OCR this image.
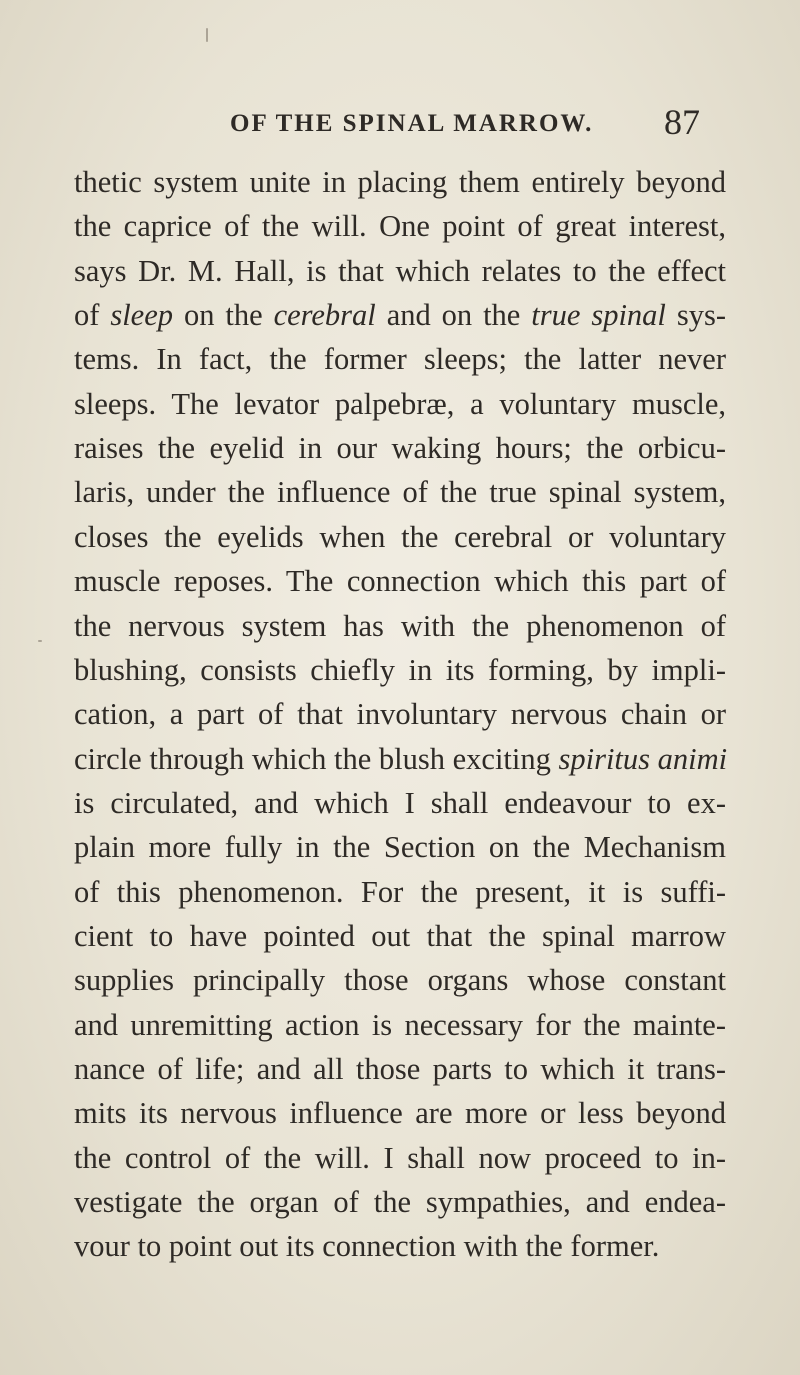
OF THE SPINAL MARROW. 87
thetic system unite in placing them entirely beyond
the caprice of the will. One point of great interest,
says Dr. M. Hall, is that which relates to the effect
of sleep on the cerebral and on the true spinal sys-
tems. In fact, the former sleeps; the latter never
sleeps. The levator palpebræ, a voluntary muscle,
raises the eyelid in our waking hours; the orbicu-
laris, under the influence of the true spinal system,
closes the eyelids when the cerebral or voluntary
muscle reposes. The connection which this part of
the nervous system has with the phenomenon of
blushing, consists chiefly in its forming, by impli-
cation, a part of that involuntary nervous chain or
circle through which the blush exciting spiritus animi
is circulated, and which I shall endeavour to ex-
plain more fully in the Section on the Mechanism
of this phenomenon. For the present, it is suffi-
cient to have pointed out that the spinal marrow
supplies principally those organs whose constant
and unremitting action is necessary for the mainte-
nance of life; and all those parts to which it trans-
mits its nervous influence are more or less beyond
the control of the will. I shall now proceed to in-
vestigate the organ of the sympathies, and endea-
vour to point out its connection with the former.
